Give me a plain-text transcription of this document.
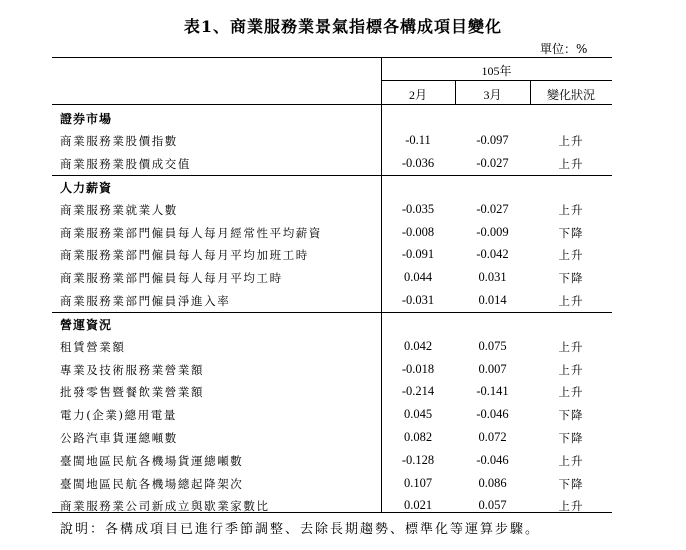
表1、商業服務業景氣指標各構成項目變化
單位：%
105年
2月	3月	變化狀況
證券市場
商業服務業股價指數	-0.11	-0.097	上升
商業服務業股價成交值	-0.036	-0.027	上升
人力薪資
商業服務業就業人數	-0.035	-0.027	上升
商業服務業部門僱員每人每月經常性平均薪資	-0.008	-0.009	下降
商業服務業部門僱員每人每月平均加班工時	-0.091	-0.042	上升
商業服務業部門僱員每人每月平均工時	0.044	0.031	下降
商業服務業部門僱員淨進入率	-0.031	0.014	上升
營運資況
租賃營業額	0.042	0.075	上升
專業及技術服務業營業額	-0.018	0.007	上升
批發零售暨餐飲業營業額	-0.214	-0.141	上升
電力(企業)總用電量	0.045	-0.046	下降
公路汽車貨運總噸數	0.082	0.072	下降
臺閩地區民航各機場貨運總噸數	-0.128	-0.046	上升
臺閩地區民航各機場總起降架次	0.107	0.086	下降
商業服務業公司新成立與歇業家數比	0.021	0.057	上升
說明：各構成項目已進行季節調整、去除長期趨勢、標準化等運算步驟。
